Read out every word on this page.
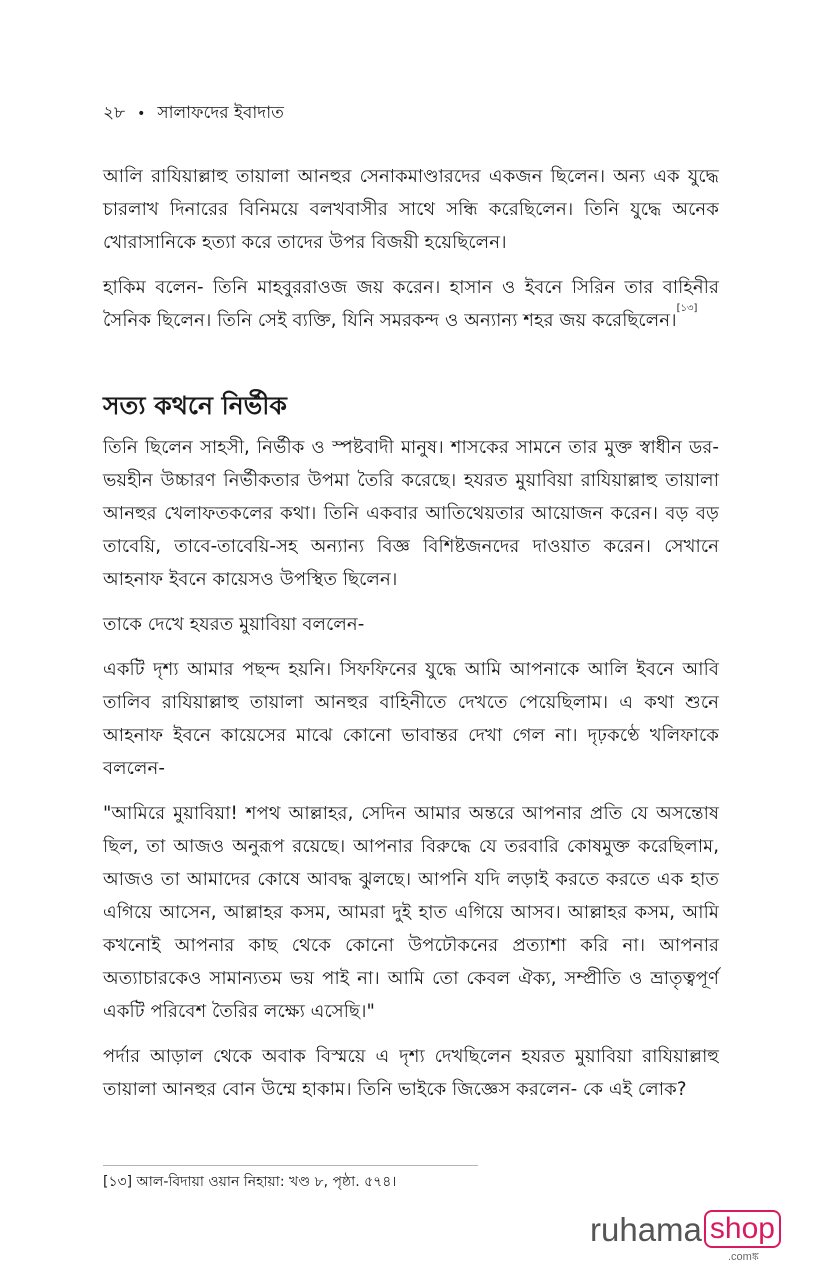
২৮ • সালাফদের ইবাদাত

আলি রাযিয়াল্লাহু তায়ালা আনহুর সেনাকমাণ্ডারদের একজন ছিলেন। অন্য এক যুদ্ধে চারলাখ দিনারের বিনিময়ে বলখবাসীর সাথে সন্ধি করেছিলেন। তিনি যুদ্ধে অনেক খোরাসানিকে হত্যা করে তাদের উপর বিজয়ী হয়েছিলেন।

হাকিম বলেন- তিনি মাহবুররাওজ জয় করেন। হাসান ও ইবনে সিরিন তার বাহিনীর সৈনিক ছিলেন। তিনি সেই ব্যক্তি, যিনি সমরকন্দ ও অন্যান্য শহর জয় করেছিলেন।[১৩]

সত্য কথনে নির্ভীক

তিনি ছিলেন সাহসী, নির্ভীক ও স্পষ্টবাদী মানুষ। শাসকের সামনে তার মুক্ত স্বাধীন ডর-ভয়হীন উচ্চারণ নির্ভীকতার উপমা তৈরি করেছে। হযরত মুয়াবিয়া রাযিয়াল্লাহু তায়ালা আনহুর খেলাফতকলের কথা। তিনি একবার আতিথেয়তার আয়োজন করেন। বড় বড় তাবেয়ি, তাবে-তাবেয়ি-সহ অন্যান্য বিজ্ঞ বিশিষ্টজনদের দাওয়াত করেন। সেখানে আহনাফ ইবনে কায়েসও উপস্থিত ছিলেন।

তাকে দেখে হযরত মুয়াবিয়া বললেন-

একটি দৃশ্য আমার পছন্দ হয়নি। সিফফিনের যুদ্ধে আমি আপনাকে আলি ইবনে আবি তালিব রাযিয়াল্লাহু তায়ালা আনহুর বাহিনীতে দেখতে পেয়েছিলাম। এ কথা শুনে আহনাফ ইবনে কায়েসের মাঝে কোনো ভাবান্তর দেখা গেল না। দৃঢ়কণ্ঠে খলিফাকে বললেন-

"আমিরে মুয়াবিয়া! শপথ আল্লাহর, সেদিন আমার অন্তরে আপনার প্রতি যে অসন্তোষ ছিল, তা আজও অনুরূপ রয়েছে। আপনার বিরুদ্ধে যে তরবারি কোষমুক্ত করেছিলাম, আজও তা আমাদের কোষে আবদ্ধ ঝুলছে। আপনি যদি লড়াই করতে করতে এক হাত এগিয়ে আসেন, আল্লাহর কসম, আমরা দুই হাত এগিয়ে আসব। আল্লাহর কসম, আমি কখনোই আপনার কাছ থেকে কোনো উপঢৌকনের প্রত্যাশা করি না। আপনার অত্যাচারকেও সামান্যতম ভয় পাই না। আমি তো কেবল ঐক্য, সম্প্রীতি ও ভ্রাতৃত্বপূর্ণ একটি পরিবেশ তৈরির লক্ষ্যে এসেছি।"

পর্দার আড়াল থেকে অবাক বিস্ময়ে এ দৃশ্য দেখছিলেন হযরত মুয়াবিয়া রাযিয়াল্লাহু তায়ালা আনহুর বোন উম্মে হাকাম। তিনি ভাইকে জিজ্ঞেস করলেন- কে এই লোক?

[১৩] আল-বিদায়া ওয়ান নিহায়া: খণ্ড ৮, পৃষ্ঠা. ৫৭৪।
ruhama shop
.comঙ্ক
